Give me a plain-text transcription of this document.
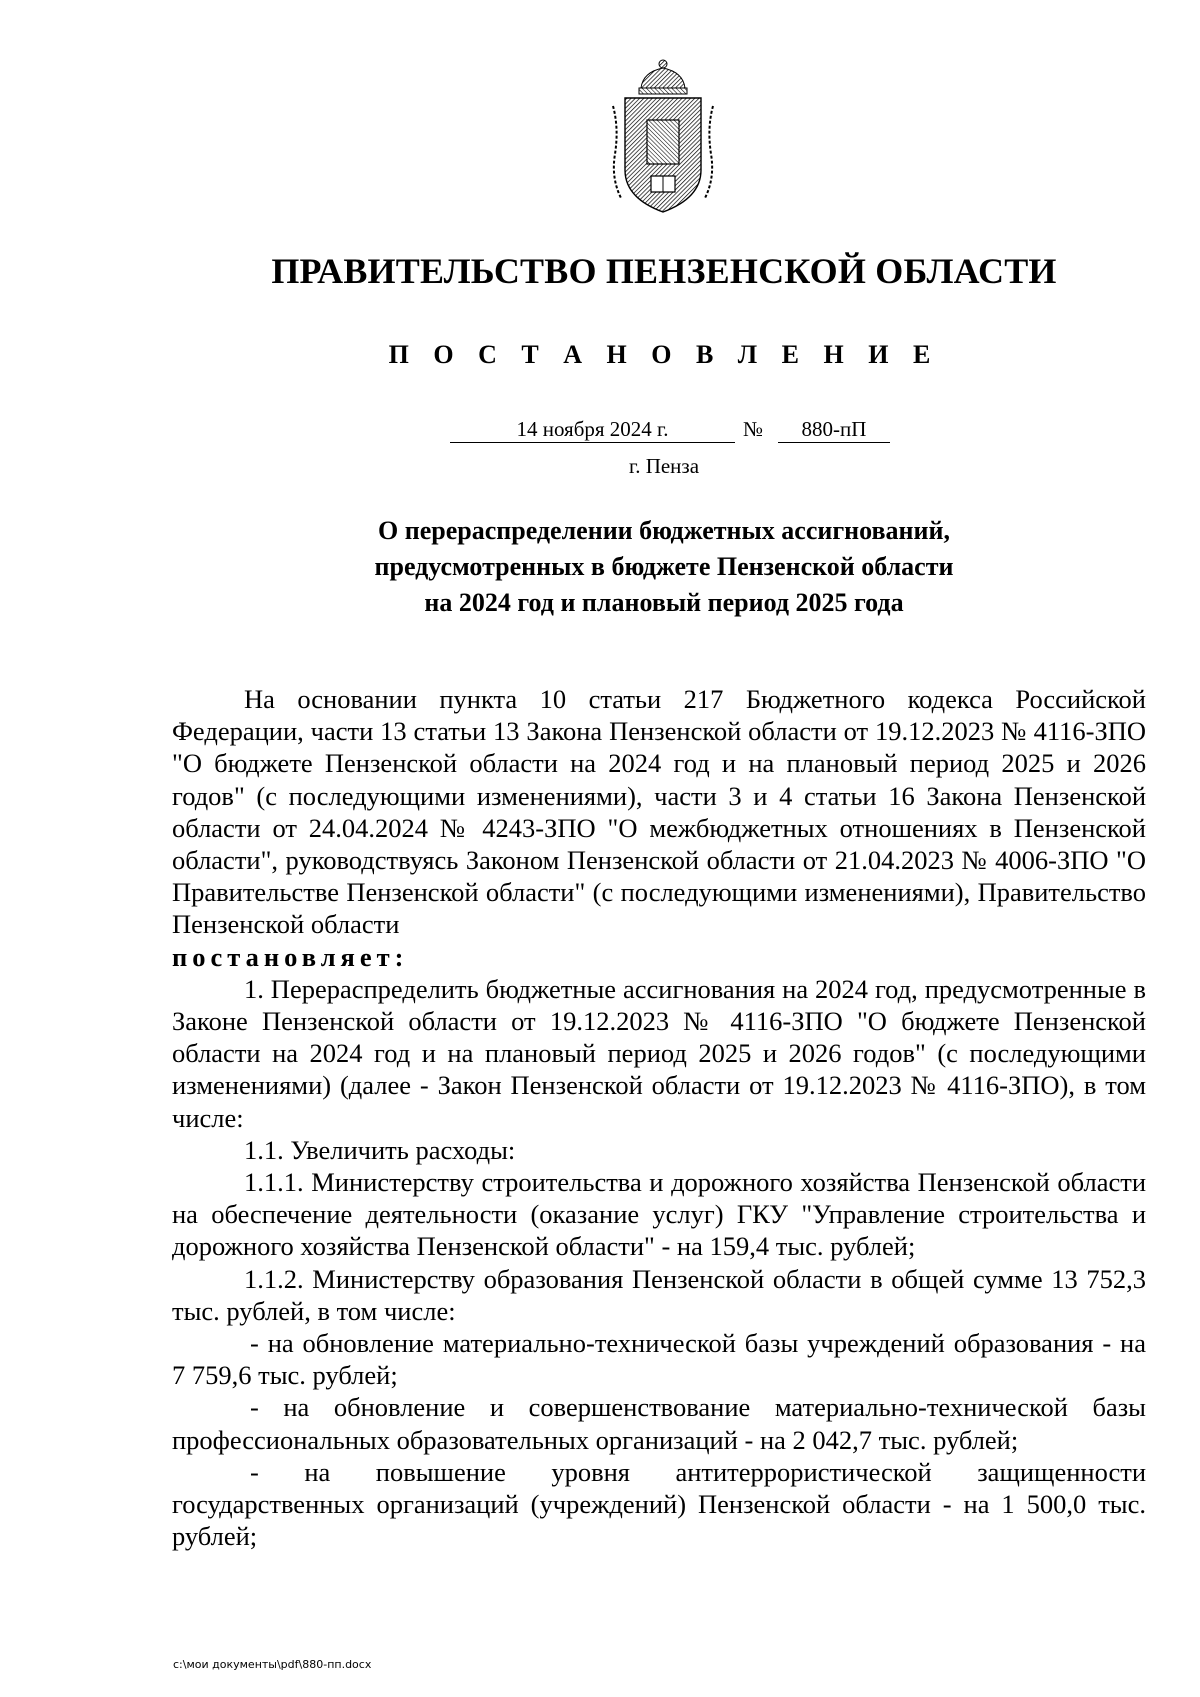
ПРАВИТЕЛЬСТВО ПЕНЗЕНСКОЙ ОБЛАСТИ
П О С Т А Н О В Л Е Н И Е
14 ноября 2024 г.	№	880-пП
г. Пенза
О перераспределении бюджетных ассигнований,
предусмотренных в бюджете Пензенской области
на 2024 год и плановый период 2025 года

На основании пункта 10 статьи 217 Бюджетного кодекса Российской Федерации, части 13 статьи 13 Закона Пензенской области от 19.12.2023 № 4116-ЗПО "О бюджете Пензенской области на 2024 год и на плановый период 2025 и 2026 годов" (с последующими изменениями), части 3 и 4 статьи 16 Закона Пензенской области от 24.04.2024 № 4243-ЗПО "О межбюджетных отношениях в Пензенской области", руководствуясь Законом Пензенской области от 21.04.2023 № 4006-ЗПО "О Правительстве Пензенской области" (с последующими изменениями), Правительство Пензенской области

постановляет:

1. Перераспределить бюджетные ассигнования на 2024 год, предусмотренные в Законе Пензенской области от 19.12.2023 № 4116-ЗПО "О бюджете Пензенской области на 2024 год и на плановый период 2025 и 2026 годов" (с последующими изменениями) (далее - Закон Пензенской области от 19.12.2023 № 4116-ЗПО), в том числе:

1.1. Увеличить расходы:

1.1.1. Министерству строительства и дорожного хозяйства Пензенской области на обеспечение деятельности (оказание услуг) ГКУ "Управление строительства и дорожного хозяйства Пензенской области" - на 159,4 тыс. рублей;

1.1.2. Министерству образования Пензенской области в общей сумме 13 752,3 тыс. рублей, в том числе:

- на обновление материально-технической базы учреждений образования - на 7 759,6 тыс. рублей;

- на обновление и совершенствование материально-технической базы профессиональных образовательных организаций - на 2 042,7 тыс. рублей;

- на повышение уровня антитеррористической защищенности государственных организаций (учреждений) Пензенской области - на 1 500,0 тыс. рублей;

c:\мои документы\pdf\880-пп.docx
